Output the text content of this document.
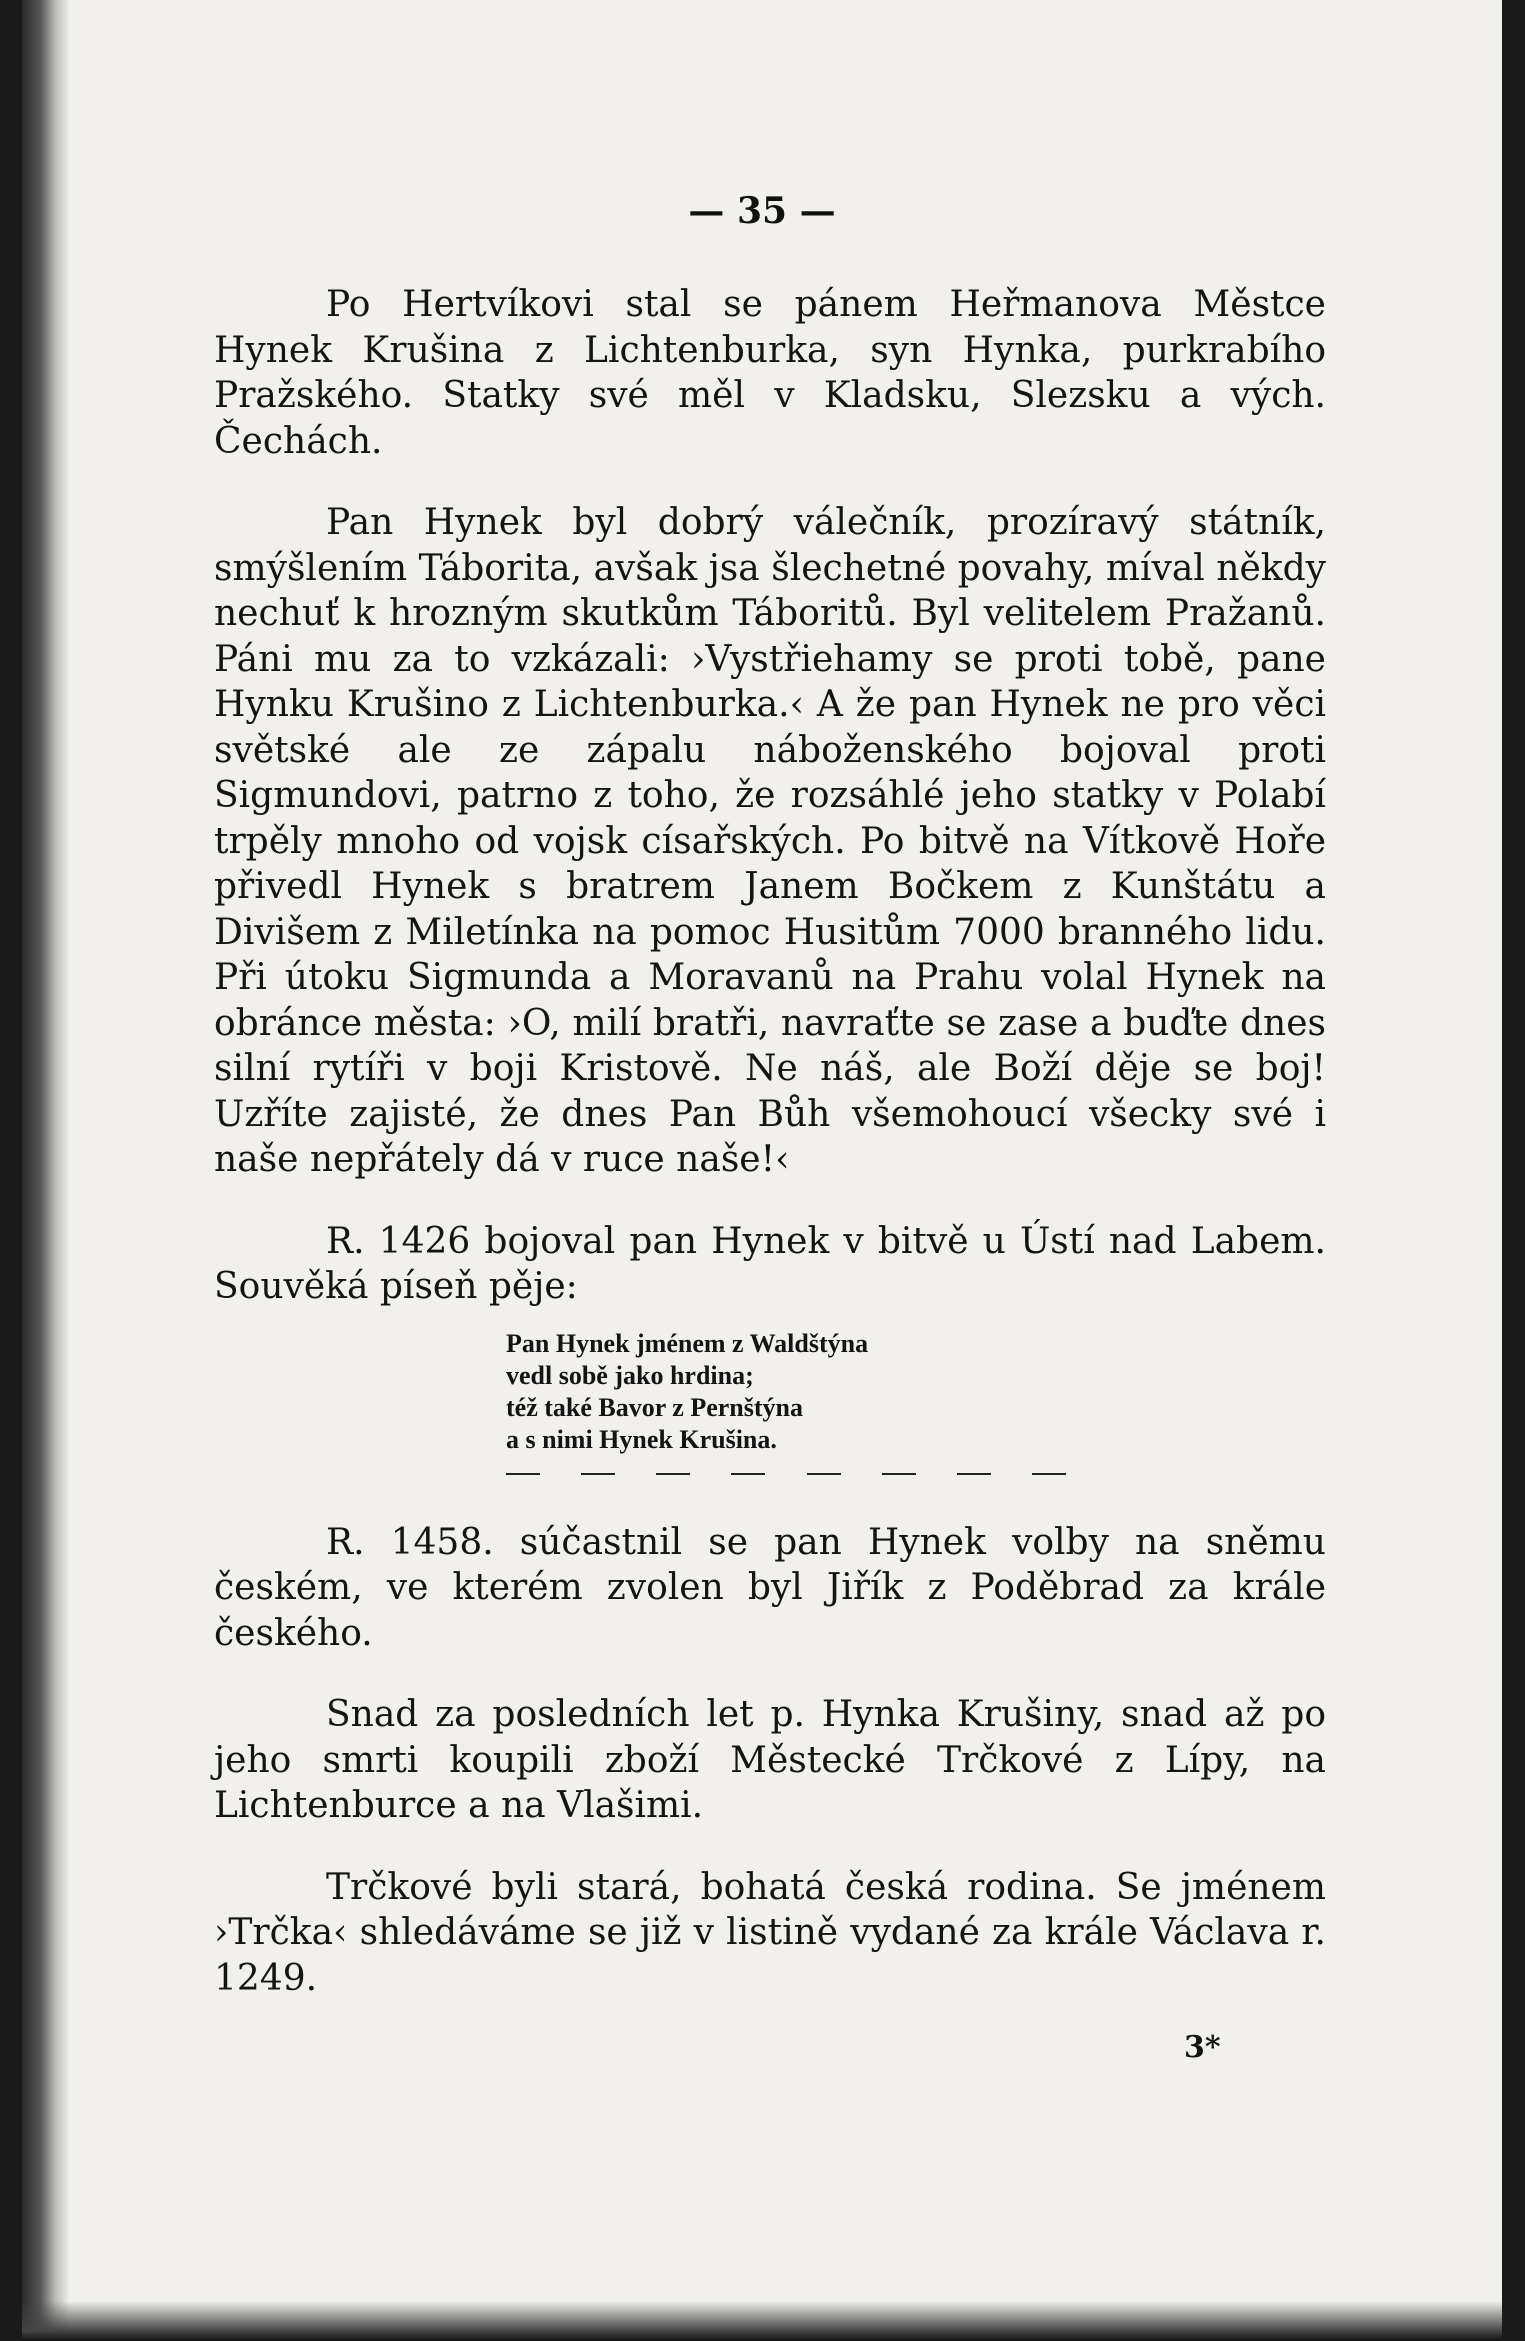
— 35 —

Po Hertvíkovi stal se pánem Heřmanova Městce Hynek Krušina z Lichtenburka, syn Hynka, purkrabího Pražského. Statky své měl v Kladsku, Slezsku a vých. Čechách.

Pan Hynek byl dobrý válečník, prozíravý státník, smýšlením Táborita, avšak jsa šlechetné povahy, míval někdy nechuť k hrozným skutkům Táboritů. Byl velitelem Pražanů. Páni mu za to vzkázali: ›Vystřiehamy se proti tobě, pane Hynku Krušino z Lichtenburka.‹ A že pan Hynek ne pro věci světské ale ze zápalu náboženského bojoval proti Sigmundovi, patrno z toho, že rozsáhlé jeho statky v Polabí trpěly mnoho od vojsk císařských. Po bitvě na Vítkově Hoře přivedl Hynek s bratrem Janem Bočkem z Kunštátu a Divišem z Miletínka na pomoc Husitům 7000 branného lidu. Při útoku Sigmunda a Moravanů na Prahu volal Hynek na obránce města: ›O, milí bratři, navraťte se zase a buďte dnes silní rytíři v boji Kristově. Ne náš, ale Boží děje se boj! Uzříte zajisté, že dnes Pan Bůh všemohoucí všecky své i naše nepřátely dá v ruce naše!‹

R. 1426 bojoval pan Hynek v bitvě u Ústí nad Labem. Souvěká píseň pěje:

Pan Hynek jménem z Waldštýna
vedl sobě jako hrdina;
též také Bavor z Pernštýna
a s nimi Hynek Krušina.

R. 1458. súčastnil se pan Hynek volby na sněmu českém, ve kterém zvolen byl Jiřík z Poděbrad za krále českého.

Snad za posledních let p. Hynka Krušiny, snad až po jeho smrti koupili zboží Městecké Trčkové z Lípy, na Lichtenburce a na Vlašimi.

Trčkové byli stará, bohatá česká rodina. Se jménem ›Trčka‹ shledáváme se již v listině vydané za krále Václava r. 1249.

3*
